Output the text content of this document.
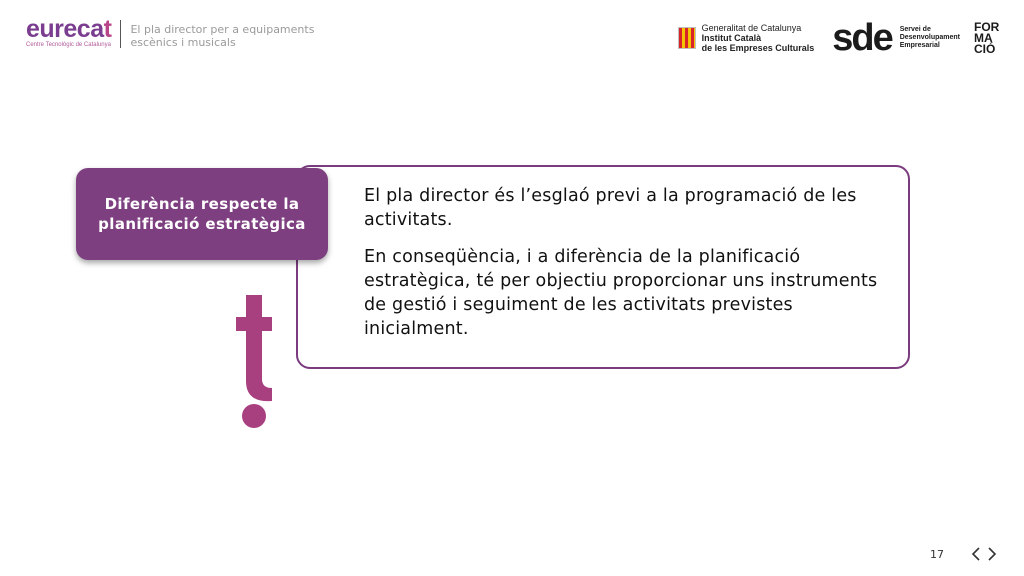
eurecat
Centre Tecnològic de Catalunya
El pla director per a equipaments escènics i musicals
Generalitat de Catalunya
Institut Català
de les Empreses Culturals sde Servei de
Desenvolupament
Empresarial
FOR
MA
CIÓ

El pla director és l’esglaó previ a la programació de les activitats.

En conseqüència, i a diferència de la planificació estratègica, té per objectiu proporcionar uns instruments de gestió i seguiment de les activitats previstes inicialment.

Diferència respecte la planificació estratègica
17
